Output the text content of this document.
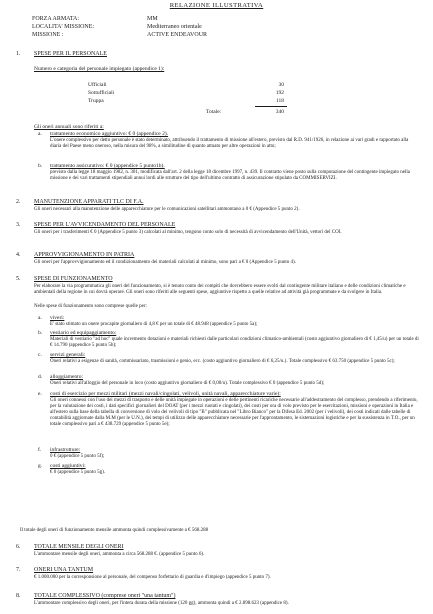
RELAZIONE ILLUSTRATIVA
FORZA ARMATA:	MM
LOCALITA' MISSIONE:	Mediterraneo orientale
MISSIONE :	ACTIVE ENDEAVOUR
1. SPESE PER IL PERSONALE
Numero e categoria del personale impiegato (appendice 1):
Ufficiali	30
Sottufficiali	192
Truppa	118
Totale:	340
Gli oneri annuali sono riferiti a:
a. trattamento economico aggiuntivo: € 0 (appendice 2).
L'onere complessivo per detto personale è stato determinato, attribuendo il trattamento di missione all'estero, previsto dal R.D. 941/1926, in relazione ai vari gradi e rapportato alla diaria del Paese meno oneroso, nella misura del 98%, a similitudine di quanto attuato per altre operazioni in atto;
b. trattamento assicurativo: € 0 (appendice 5 punto1b).
previsto dalla legge 18 maggio 1982, n. 301, modificata dall'art. 2 della legge 18 dicembre 1997, n. 439. Il contratto viene posto sulla computazione del contingente impiegato nella missione e dei vari trattamenti stipendiali annui lordi alle strutture del tipo dell'ultimo contratto di assicurazione stipulato da COMMISERVIZI.
2. MANUTENZIONE APPARATI TLC DI F.A.
Gli oneri necessari alla manutenzione delle apparecchiature per le comunicazioni satellitari ammontano a 0 € (Appendice 5 punto 2).
3. SPESE PER L'AVVICENDAMENTO DEL PERSONALE
Gli oneri per i trasferimenti € 0 (Appendice 5 punto 3) calcolati al minimo, tengono conto solo di necessità di avvicendamento dell'Unità, vettori del COI.
4. APPROVVIGIONAMENTO IN PATRIA
Gli oneri per l'approvvigionamento ed il condizionamento dei materiali calcolati al minimo, sono pari a € 0 (Appendice 5 punto 4).
5. SPESE DI FUNZIONAMENTO
Per elaborare la via programmatica gli oneri del funzionamento, si è tenuto conto dei compiti che dovrebbero essere svolti dal contingente militare italiano e delle condizioni climatiche e ambientali della regione in cui dovrà operare. Gli oneri sono riferiti alle seguenti spese, aggiuntive rispetto a quelle relative ad attività già programmate e da svolgere in Italia.
Nelle spese di funzionamento sono comprese quelle per:
a. viveri:
E' stato stimato un onere procapite giornaliero di 4,8 € per un totale di € 48.948 (appendice 5 punto 5a);
b. vestiario ed equipaggiamento:
Materiali di vestiario "ad hoc" quale incremento dotazioni e materiali richiesti dalle particolari condizioni climatico-ambientali (costo aggiuntivo giornaliero di € 1,45/u) per un totale di € 14.790 (appendice 5 punto 5b);
c. servizi generali:
Oneri relativi a esigenze di sanità, commissariato, trasmissioni e genio, ecc. (costo aggiuntivo giornaliero di € 6,25/u.). Totale complessivo € 63.750 (appendice 5 punto 5c);
d. alloggiamento:
Oneri relativi all'alloggio del personale in loco (costo aggiuntivo giornaliero di € 0,00/u). Totale complessivo € 0 (appendice 5 punto 5d);
e. costi di esercizio per mezzi militari (mezzi navali/cingolati, velivoli, unità navali, apparecchiature varie):
Gli oneri connessi con l'uso dei mezzi di trasporto e delle unità impiegate in operazioni e delle pertinenti ricariche necessarie all'addestramento del complesso, prendendo a riferimento, per la valutazione dei costi, i dati specifici giornalieri del DOAT (per i mezzi ruotati e cingolati), dei costi per ora di volo previsto per le esercitazioni, missioni e operazioni in Italia e all'estero sulla base della tabella di conversione di volo dei velivoli di tipo "B" pubblicata nel "Libro Bianco" per la Difesa Ed. 2002 (per i velivoli), dei costi indicati dalle tabelle di contabilità aggiornate dalla M.M (per le U.N.), dei tempi di utilizzo delle apparecchiature necessarie per l'approntamento, le sistemazioni logistiche e per la sussistenza in T.O., per un totale complessivo pari a € 438.729 (appendice 5 punto 5e);
f. infrastrutture:
0 € (appendice 5 punto 5f);
g. costi aggiuntivi:
€ 0 (appendice 5 punto 5g).
Il totale degli oneri di funzionamento mensile ammonta quindi complessivamente a € 568.288
6. TOTALE MENSILE DEGLI ONERI
L'ammontare mensile degli oneri, ammonta a circa 568.288 €. (appendice 5 punto 6).
7. ONERI UNA TANTUM
€ 1.000.000 per la corresponsione al personale, del compenso forfettario di guardia e d'impiego (appendice 5 punto 7).
8. TOTALE COMPLESSIVO (comprese oneri "una tantum")
L'ammontare complessivo degli oneri, per l'intera durata della missione (120 gg), ammonta quindi a € 2.898.623 (appendice 8).
